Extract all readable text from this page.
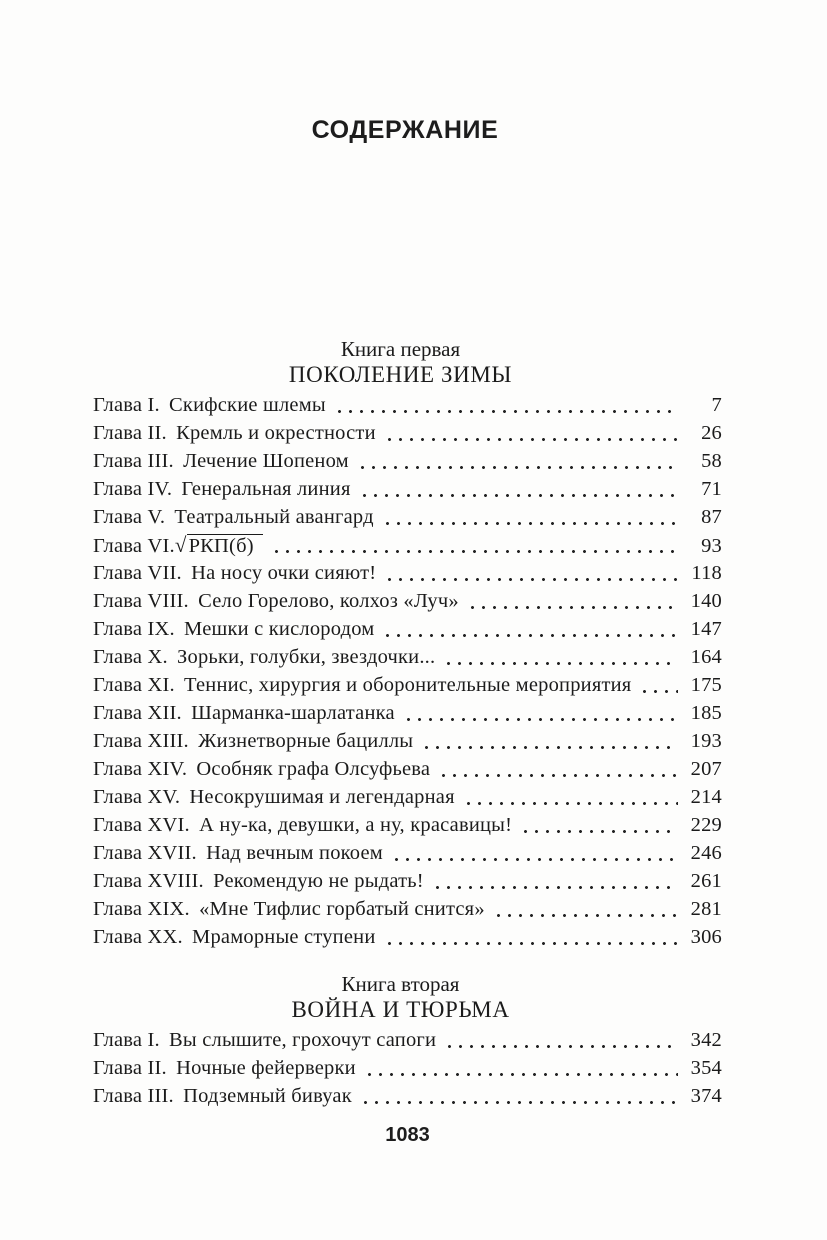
СОДЕРЖАНИЕ
Книга первая
ПОКОЛЕНИЕ ЗИМЫ
Глава I. Скифские шлемы	7
Глава II. Кремль и окрестности	26
Глава III. Лечение Шопеном	58
Глава IV. Генеральная линия	71
Глава V. Театральный авангард	87
Глава VI.√РКП(б)	93
Глава VII. На носу очки сияют!	118
Глава VIII. Село Горелово, колхоз «Луч»	140
Глава IX. Мешки с кислородом	147
Глава X. Зорьки, голубки, звездочки...	164
Глава XI. Теннис, хирургия и оборонительные мероприятия	175
Глава XII. Шарманка-шарлатанка	185
Глава XIII. Жизнетворные бациллы	193
Глава XIV. Особняк графа Олсуфьева	207
Глава XV. Несокрушимая и легендарная	214
Глава XVI. А ну-ка, девушки, а ну, красавицы!	229
Глава XVII. Над вечным покоем	246
Глава XVIII. Рекомендую не рыдать!	261
Глава XIX. «Мне Тифлис горбатый снится»	281
Глава XX. Мраморные ступени	306
Книга вторая
ВОЙНА И ТЮРЬМА
Глава I. Вы слышите, грохочут сапоги	342
Глава II. Ночные фейерверки	354
Глава III. Подземный бивуак	374
1083
